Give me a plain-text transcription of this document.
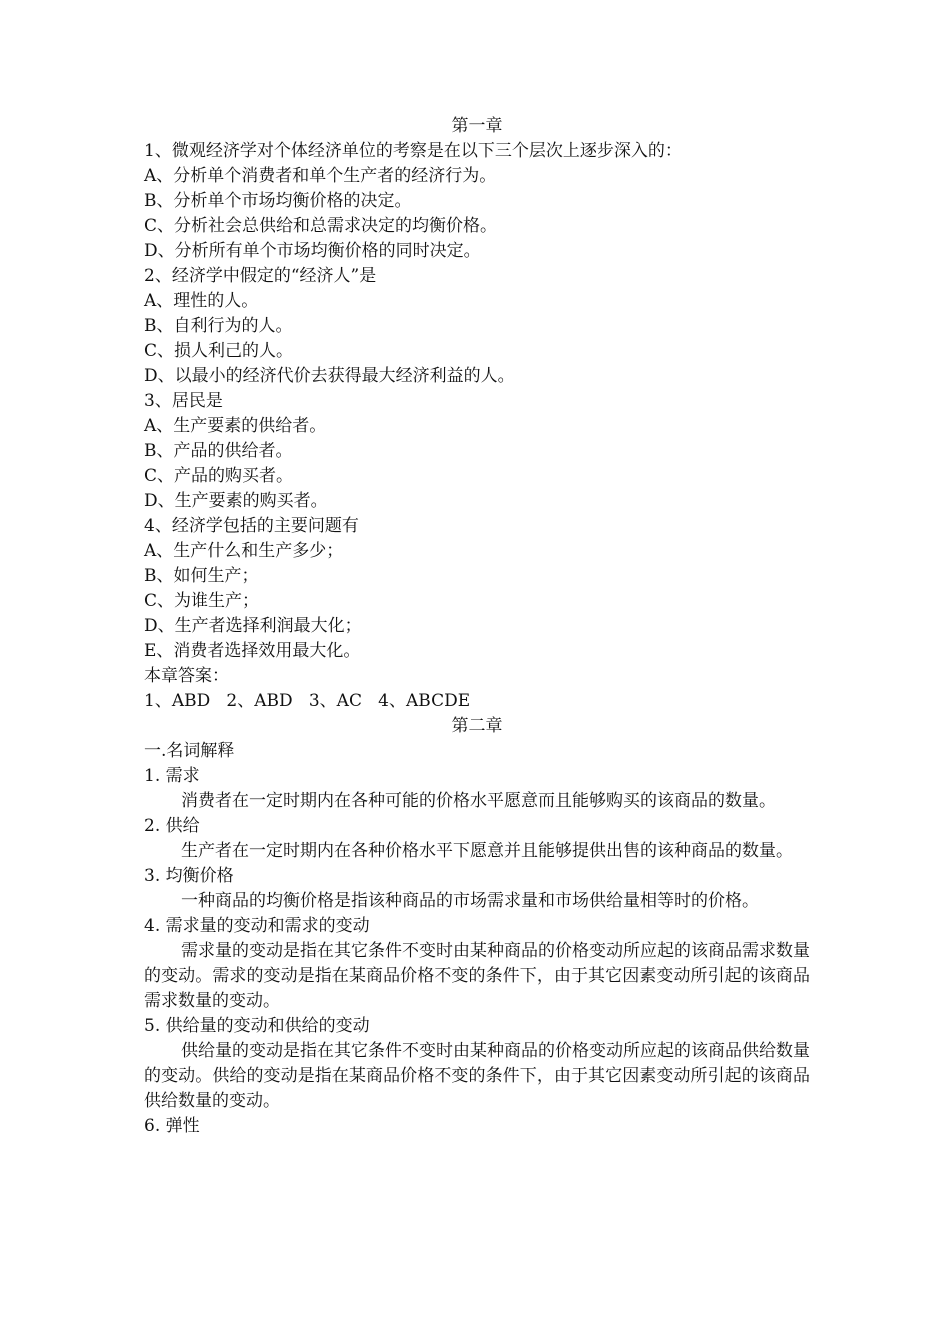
第一章
1、微观经济学对个体经济单位的考察是在以下三个层次上逐步深入的：
A、分析单个消费者和单个生产者的经济行为。
B、分析单个市场均衡价格的决定。
C、分析社会总供给和总需求决定的均衡价格。
D、分析所有单个市场均衡价格的同时决定。
2、经济学中假定的“经济人”是
A、理性的人。
B、自利行为的人。
C、损人利己的人。
D、以最小的经济代价去获得最大经济利益的人。
3、居民是
A、生产要素的供给者。
B、产品的供给者。
C、产品的购买者。
D、生产要素的购买者。
4、经济学包括的主要问题有
A、生产什么和生产多少；
B、如何生产；
C、为谁生产；
D、生产者选择利润最大化；
E、消费者选择效用最大化。
本章答案：
1、ABD   2、ABD   3、AC   4、ABCDE
第二章
一.名词解释
1. 需求
消费者在一定时期内在各种可能的价格水平愿意而且能够购买的该商品的数量。
2. 供给
生产者在一定时期内在各种价格水平下愿意并且能够提供出售的该种商品的数量。
3. 均衡价格
一种商品的均衡价格是指该种商品的市场需求量和市场供给量相等时的价格。
4. 需求量的变动和需求的变动
需求量的变动是指在其它条件不变时由某种商品的价格变动所应起的该商品需求数量的变动。需求的变动是指在某商品价格不变的条件下，由于其它因素变动所引起的该商品需求数量的变动。
5. 供给量的变动和供给的变动
供给量的变动是指在其它条件不变时由某种商品的价格变动所应起的该商品供给数量的变动。供给的变动是指在某商品价格不变的条件下，由于其它因素变动所引起的该商品供给数量的变动。
6. 弹性
